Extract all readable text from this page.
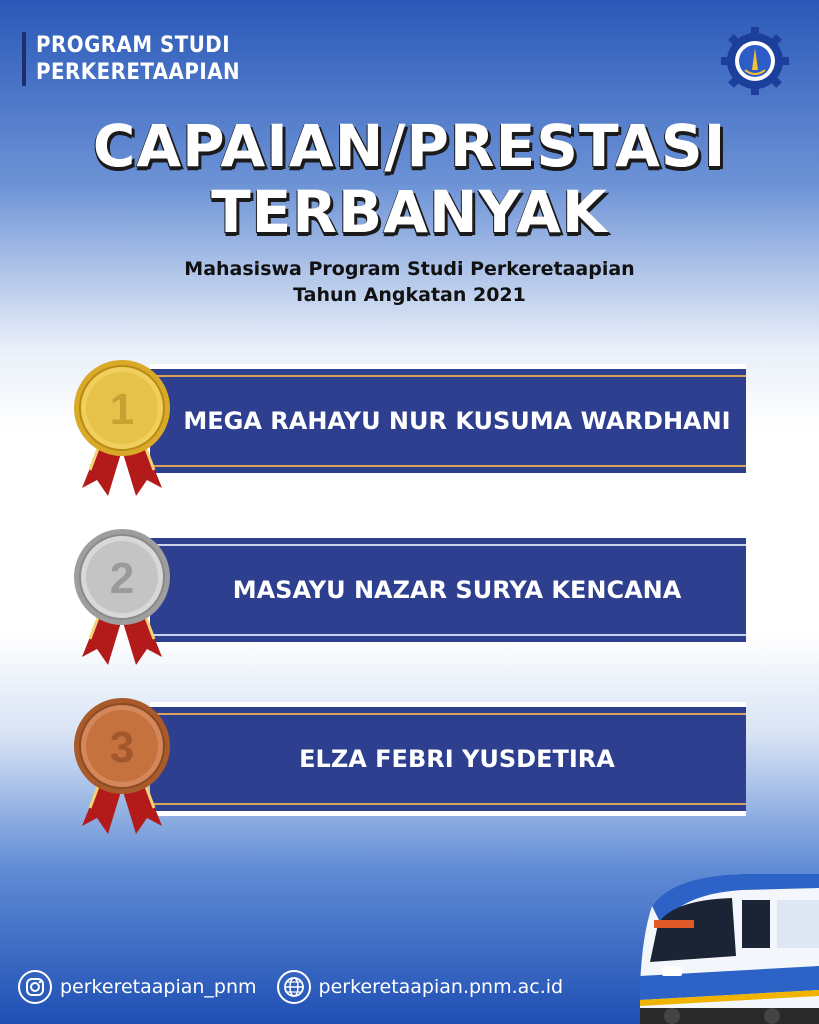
PROGRAM STUDI
PERKERETAAPIAN
CAPAIAN/PRESTASI
TERBANYAK
Mahasiswa Program Studi Perkeretaapian
Tahun Angkatan 2021
MEGA RAHAYU NUR KUSUMA WARDHANI
MASAYU NAZAR SURYA KENCANA
ELZA FEBRI YUSDETIRA
1
2
3
perkeretaapian_pnm	perkeretaapian.pnm.ac.id
